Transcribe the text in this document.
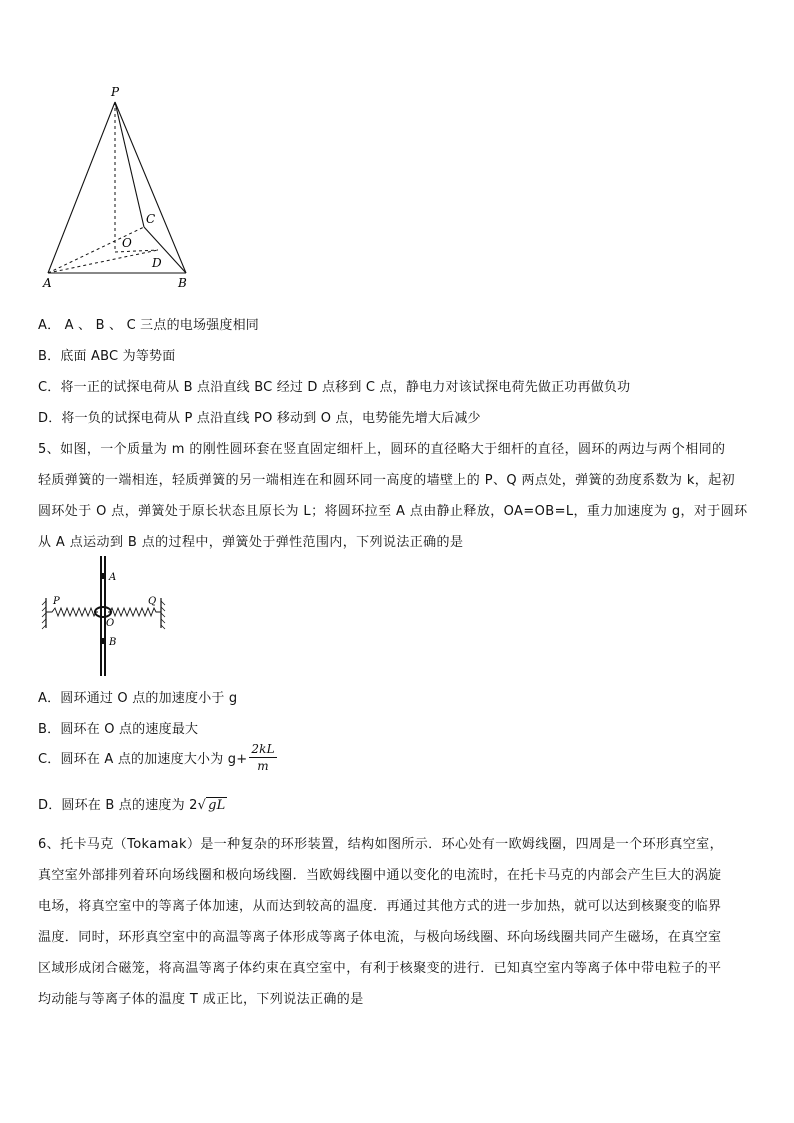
P
A	B
C
O
D
A． A 、 B 、 C 三点的电场强度相同
B．底面 ABC 为等势面
C．将一正的试探电荷从 B 点沿直线 BC 经过 D 点移到 C 点，静电力对该试探电荷先做正功再做负功
D．将一负的试探电荷从 P 点沿直线 PO 移动到 O 点，电势能先增大后减少
5、如图，一个质量为 m 的刚性圆环套在竖直固定细杆上，圆环的直径略大于细杆的直径，圆环的两边与两个相同的
轻质弹簧的一端相连，轻质弹簧的另一端相连在和圆环同一高度的墙壁上的 P、Q 两点处，弹簧的劲度系数为 k，起初
圆环处于 O 点，弹簧处于原长状态且原长为 L；将圆环拉至 A 点由静止释放，OA=OB=L，重力加速度为 g，对于圆环
从 A 点运动到 B 点的过程中，弹簧处于弹性范围内，下列说法正确的是
P	Q
A
O
B
A．圆环通过 O 点的加速度小于 g
B．圆环在 O 点的速度最大
C．圆环在 A 点的加速度大小为 $g+ \frac{2kL}{m}$
D．圆环在 B 点的速度为 2√ gL
6、托卡马克（Tokamak）是一种复杂的环形装置，结构如图所示．环心处有一欧姆线圈，四周是一个环形真空室，
真空室外部排列着环向场线圈和极向场线圈．当欧姆线圈中通以变化的电流时，在托卡马克的内部会产生巨大的涡旋
电场，将真空室中的等离子体加速，从而达到较高的温度．再通过其他方式的进一步加热，就可以达到核聚变的临界
温度．同时，环形真空室中的高温等离子体形成等离子体电流，与极向场线圈、环向场线圈共同产生磁场，在真空室
区域形成闭合磁笼，将高温等离子体约束在真空室中，有利于核聚变的进行．已知真空室内等离子体中带电粒子的平
均动能与等离子体的温度 T 成正比，下列说法正确的是
